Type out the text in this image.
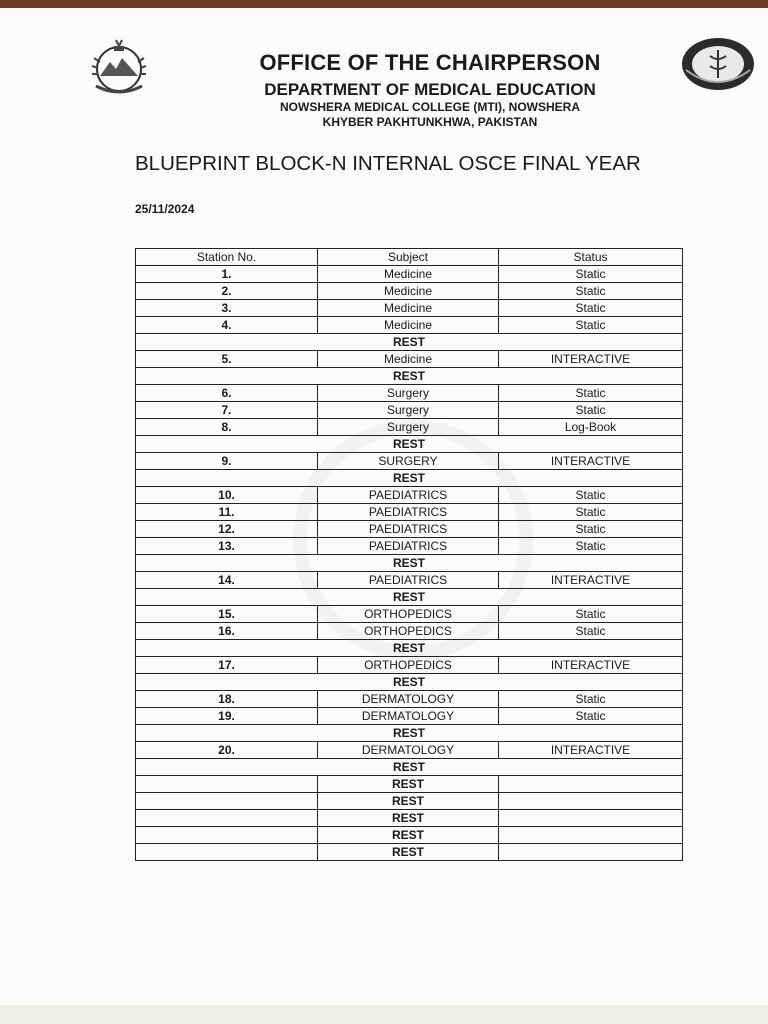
OFFICE OF THE CHAIRPERSON
DEPARTMENT OF MEDICAL EDUCATION
NOWSHERA MEDICAL COLLEGE (MTI), NOWSHERA
KHYBER PAKHTUNKHWA, PAKISTAN
BLUEPRINT BLOCK-N INTERNAL OSCE FINAL YEAR
25/11/2024
Station No.	Subject	Status
1.	Medicine	Static
2.	Medicine	Static
3.	Medicine	Static
4.	Medicine	Static
REST		
5.	Medicine	INTERACTIVE
REST		
6.	Surgery	Static
7.	Surgery	Static
8.	Surgery	Log-Book
REST		
9.	SURGERY	INTERACTIVE
REST		
10.	PAEDIATRICS	Static
11.	PAEDIATRICS	Static
12.	PAEDIATRICS	Static
13.	PAEDIATRICS	Static
REST		
14.	PAEDIATRICS	INTERACTIVE
REST		
15.	ORTHOPEDICS	Static
16.	ORTHOPEDICS	Static
REST		
17.	ORTHOPEDICS	INTERACTIVE
REST		
18.	DERMATOLOGY	Static
19.	DERMATOLOGY	Static
REST		
20.	DERMATOLOGY	INTERACTIVE
REST		
	REST	
	REST	
	REST	
	REST	
	REST	
